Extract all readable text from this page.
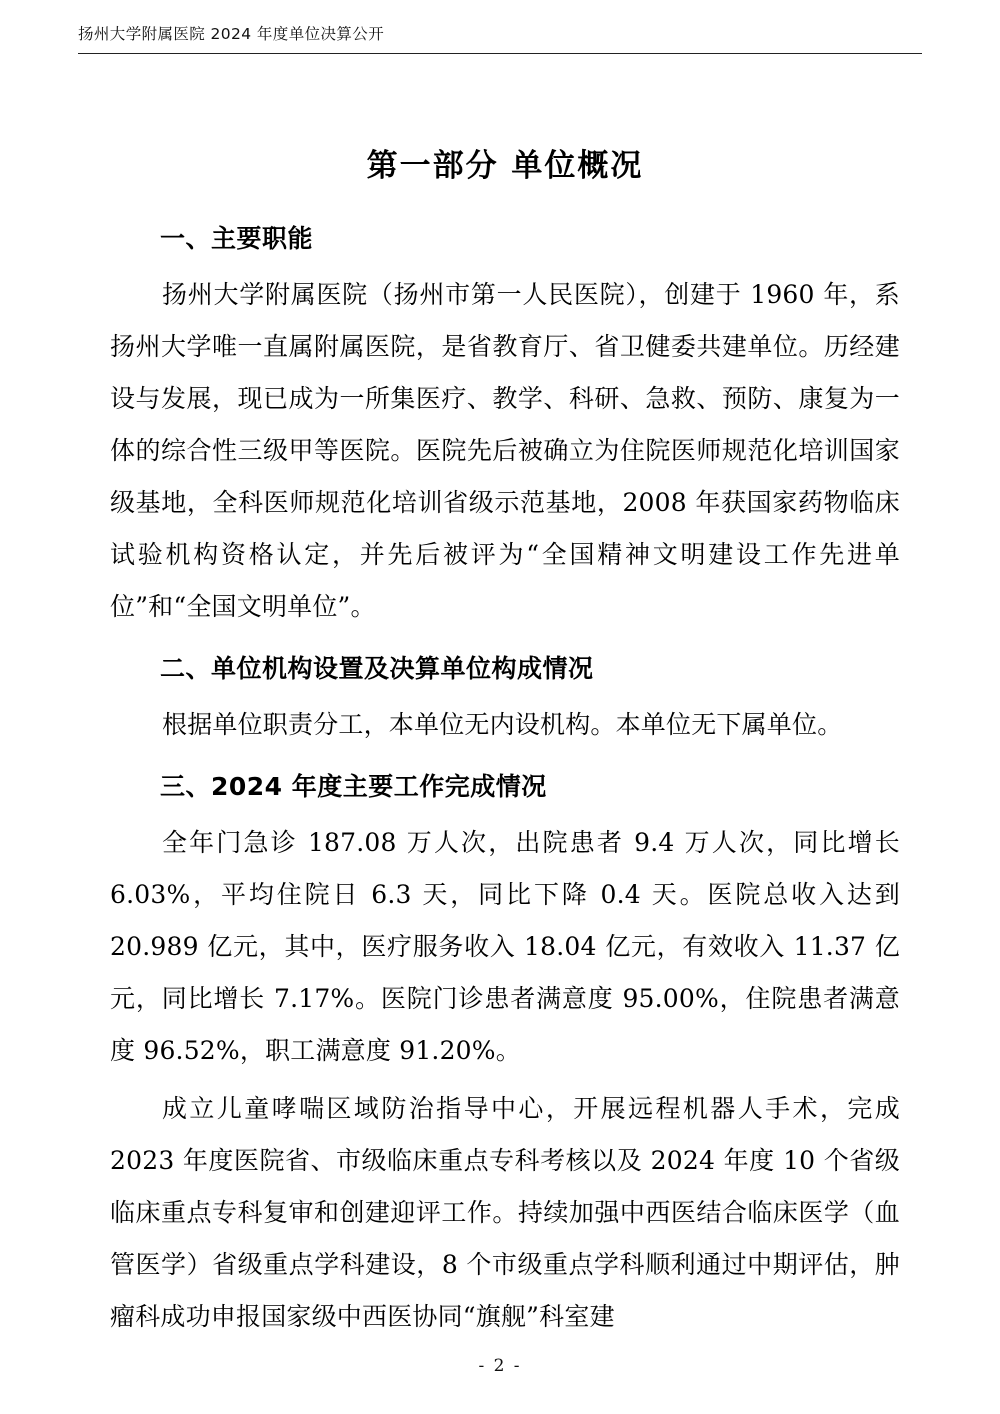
扬州大学附属医院 2024 年度单位决算公开
第一部分 单位概况
一、主要职能

扬州大学附属医院（扬州市第一人民医院），创建于 1960 年，系扬州大学唯一直属附属医院，是省教育厅、省卫健委共建单位。历经建设与发展，现已成为一所集医疗、教学、科研、急救、预防、康复为一体的综合性三级甲等医院。医院先后被确立为住院医师规范化培训国家级基地，全科医师规范化培训省级示范基地，2008 年获国家药物临床试验机构资格认定，并先后被评为“全国精神文明建设工作先进单位”和“全国文明单位”。

二、单位机构设置及决算单位构成情况

根据单位职责分工，本单位无内设机构。本单位无下属单位。

三、2024 年度主要工作完成情况

全年门急诊 187.08 万人次，出院患者 9.4 万人次，同比增长 6.03%，平均住院日 6.3 天，同比下降 0.4 天。医院总收入达到 20.989 亿元，其中，医疗服务收入 18.04 亿元，有效收入 11.37 亿元，同比增长 7.17%。医院门诊患者满意度 95.00%，住院患者满意度 96.52%，职工满意度 91.20%。

成立儿童哮喘区域防治指导中心，开展远程机器人手术，完成 2023 年度医院省、市级临床重点专科考核以及 2024 年度 10 个省级临床重点专科复审和创建迎评工作。持续加强中西医结合临床医学（血管医学）省级重点学科建设，8 个市级重点学科顺利通过中期评估，肿瘤科成功申报国家级中西医协同“旗舰”科室建

- 2 -
